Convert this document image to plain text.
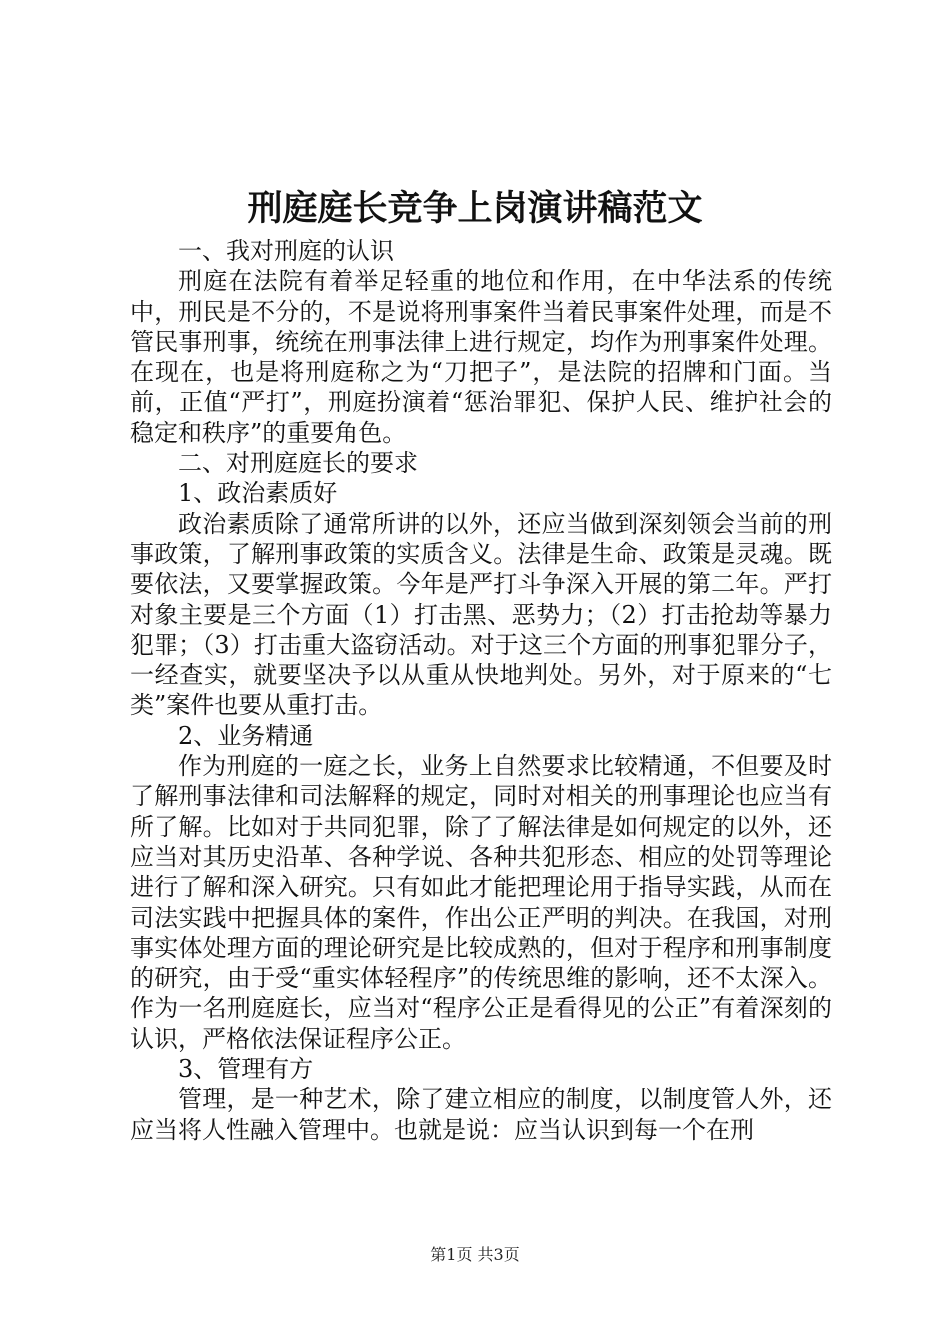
刑庭庭长竞争上岗演讲稿范文

一、我对刑庭的认识

刑庭在法院有着举足轻重的地位和作用，在中华法系的传统中，刑民是不分的，不是说将刑事案件当着民事案件处理，而是不管民事刑事，统统在刑事法律上进行规定，均作为刑事案件处理。在现在，也是将刑庭称之为“刀把子”，是法院的招牌和门面。当前，正值“严打”，刑庭扮演着“惩治罪犯、保护人民、维护社会的稳定和秩序”的重要角色。

二、对刑庭庭长的要求

1、政治素质好

政治素质除了通常所讲的以外，还应当做到深刻领会当前的刑事政策，了解刑事政策的实质含义。法律是生命、政策是灵魂。既要依法，又要掌握政策。今年是严打斗争深入开展的第二年。严打对象主要是三个方面（1）打击黑、恶势力；（2）打击抢劫等暴力犯罪；（3）打击重大盗窃活动。对于这三个方面的刑事犯罪分子，一经查实，就要坚决予以从重从快地判处。另外，对于原来的“七类”案件也要从重打击。

2、业务精通

作为刑庭的一庭之长，业务上自然要求比较精通，不但要及时了解刑事法律和司法解释的规定，同时对相关的刑事理论也应当有所了解。比如对于共同犯罪，除了了解法律是如何规定的以外，还应当对其历史沿革、各种学说、各种共犯形态、相应的处罚等理论进行了解和深入研究。只有如此才能把理论用于指导实践，从而在司法实践中把握具体的案件，作出公正严明的判决。在我国，对刑事实体处理方面的理论研究是比较成熟的，但对于程序和刑事制度的研究，由于受“重实体轻程序”的传统思维的影响，还不太深入。作为一名刑庭庭长，应当对“程序公正是看得见的公正”有着深刻的认识，严格依法保证程序公正。

3、管理有方

管理，是一种艺术，除了建立相应的制度，以制度管人外，还应当将人性融入管理中。也就是说：应当认识到每一个在刑

第1页 共3页
